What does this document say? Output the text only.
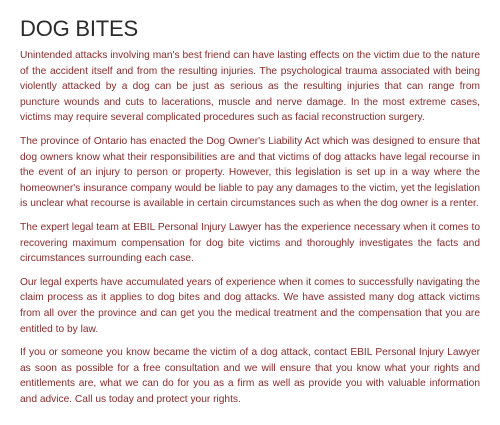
DOG BITES

Unintended attacks involving man's best friend can have lasting effects on the victim due to the nature of the accident itself and from the resulting injuries. The psychological trauma associated with being violently attacked by a dog can be just as serious as the resulting injuries that can range from puncture wounds and cuts to lacerations, muscle and nerve damage. In the most extreme cases, victims may require several complicated procedures such as facial reconstruction surgery.

The province of Ontario has enacted the Dog Owner's Liability Act which was designed to ensure that dog owners know what their responsibilities are and that victims of dog attacks have legal recourse in the event of an injury to person or property. However, this legislation is set up in a way where the homeowner's insurance company would be liable to pay any damages to the victim, yet the legislation is unclear what recourse is available in certain circumstances such as when the dog owner is a renter.

The expert legal team at EBIL Personal Injury Lawyer has the experience necessary when it comes to recovering maximum compensation for dog bite victims and thoroughly investigates the facts and circumstances surrounding each case.

Our legal experts have accumulated years of experience when it comes to successfully navigating the claim process as it applies to dog bites and dog attacks. We have assisted many dog attack victims from all over the province and can get you the medical treatment and the compensation that you are entitled to by law.

If you or someone you know became the victim of a dog attack, contact EBIL Personal Injury Lawyer as soon as possible for a free consultation and we will ensure that you know what your rights and entitlements are, what we can do for you as a firm as well as provide you with valuable information and advice. Call us today and protect your rights.
